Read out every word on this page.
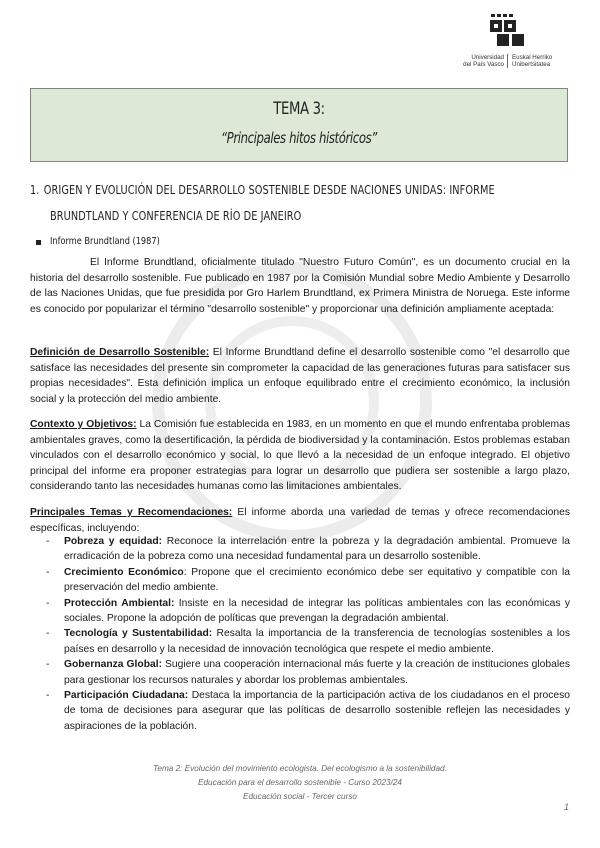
Universidad
del País Vasco
Euskal Herriko
Unibertsitatea
TEMA 3:
“Principales hitos históricos”
1. ORIGEN Y EVOLUCIÓN DEL DESARROLLO SOSTENIBLE DESDE NACIONES UNIDAS: INFORME
BRUNDTLAND Y CONFERENCIA DE RÍO DE JANEIRO
Informe Brundtland (1987)

El Informe Brundtland, oficialmente titulado "Nuestro Futuro Común", es un documento crucial en la historia del desarrollo sostenible. Fue publicado en 1987 por la Comisión Mundial sobre Medio Ambiente y Desarrollo de las Naciones Unidas, que fue presidida por Gro Harlem Brundtland, ex Primera Ministra de Noruega. Este informe es conocido por popularizar el término "desarrollo sostenible" y proporcionar una definición ampliamente aceptada:

Definición de Desarrollo Sostenible: El Informe Brundtland define el desarrollo sostenible como "el desarrollo que satisface las necesidades del presente sin comprometer la capacidad de las generaciones futuras para satisfacer sus propias necesidades". Esta definición implica un enfoque equilibrado entre el crecimiento económico, la inclusión social y la protección del medio ambiente.

Contexto y Objetivos: La Comisión fue establecida en 1983, en un momento en que el mundo enfrentaba problemas ambientales graves, como la desertificación, la pérdida de biodiversidad y la contaminación. Estos problemas estaban vinculados con el desarrollo económico y social, lo que llevó a la necesidad de un enfoque integrado. El objetivo principal del informe era proponer estrategias para lograr un desarrollo que pudiera ser sostenible a largo plazo, considerando tanto las necesidades humanas como las limitaciones ambientales.

Principales Temas y Recomendaciones: El informe aborda una variedad de temas y ofrece recomendaciones específicas, incluyendo:

- Pobreza y equidad: Reconoce la interrelación entre la pobreza y la degradación ambiental. Promueve la erradicación de la pobreza como una necesidad fundamental para un desarrollo sostenible.
- Crecimiento Económico: Propone que el crecimiento económico debe ser equitativo y compatible con la preservación del medio ambiente.
- Protección Ambiental: Insiste en la necesidad de integrar las políticas ambientales con las económicas y sociales. Propone la adopción de políticas que prevengan la degradación ambiental.
- Tecnología y Sustentabilidad: Resalta la importancia de la transferencia de tecnologías sostenibles a los países en desarrollo y la necesidad de innovación tecnológica que respete el medio ambiente.
- Gobernanza Global: Sugiere una cooperación internacional más fuerte y la creación de instituciones globales para gestionar los recursos naturales y abordar los problemas ambientales.
- Participación Ciudadana: Destaca la importancia de la participación activa de los ciudadanos en el proceso de toma de decisiones para asegurar que las políticas de desarrollo sostenible reflejen las necesidades y aspiraciones de la población.
Tema 2: Evolución del movimiento ecologista. Del ecologismo a la sostenibilidad.
Educación para el desarrollo sostenible - Curso 2023/24
Educación social - Tercer curso
1
